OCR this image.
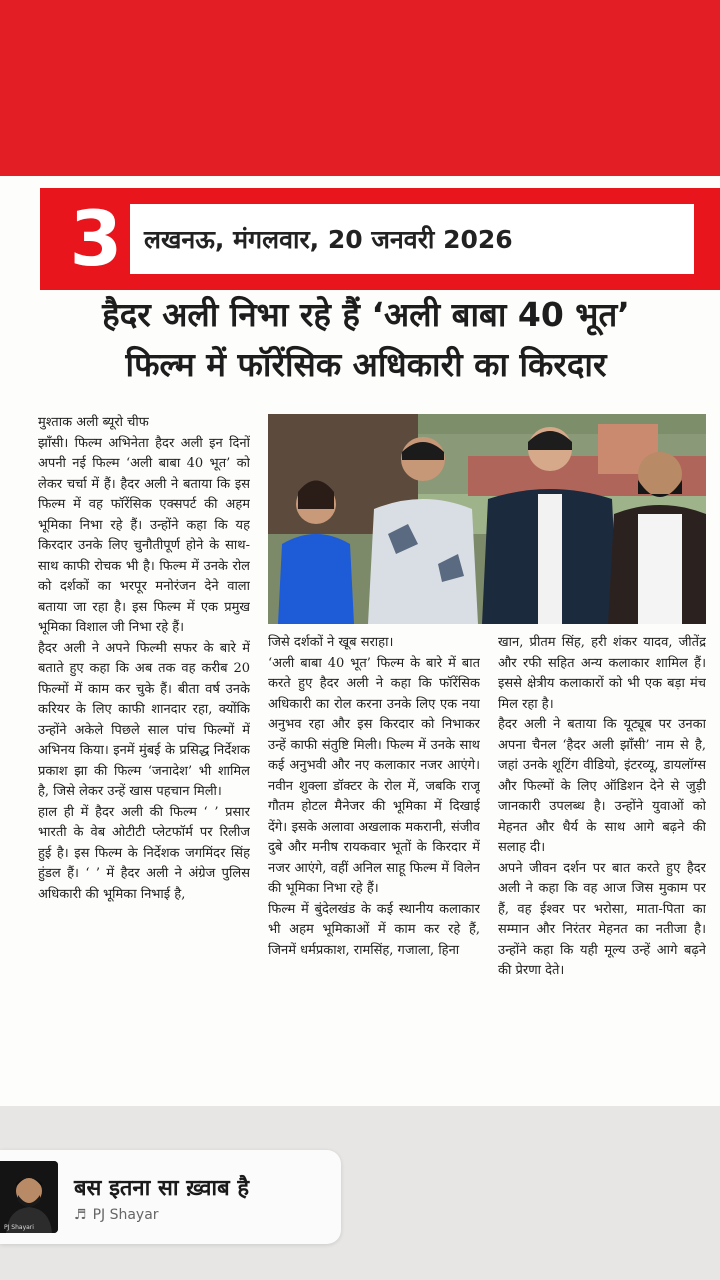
3 लखनऊ, मंगलवार, 20 जनवरी 2026
हैदर अली निभा रहे हैं ‘अली बाबा 40 भूत’
फिल्म में फॉरेंसिक अधिकारी का किरदार
मुश्ताक अली ब्यूरो चीफ
झाँसी। फिल्म अभिनेता हैदर अली इन दिनों अपनी नई फिल्म ‘अली बाबा 40 भूत’ को लेकर चर्चा में हैं। हैदर अली ने बताया कि इस फिल्म में वह फॉरेंसिक एक्सपर्ट की अहम भूमिका निभा रहे हैं। उन्होंने कहा कि यह किरदार उनके लिए चुनौतीपूर्ण होने के साथ-साथ काफी रोचक भी है। फिल्म में उनके रोल को दर्शकों का भरपूर मनोरंजन देने वाला बताया जा रहा है। इस फिल्म में एक प्रमुख भूमिका विशाल जी निभा रहे हैं।
हैदर अली ने अपने फिल्मी सफर के बारे में बताते हुए कहा कि अब तक वह करीब 20 फिल्मों में काम कर चुके हैं। बीता वर्ष उनके करियर के लिए काफी शानदार रहा, क्योंकि उन्होंने अकेले पिछले साल पांच फिल्मों में अभिनय किया। इनमें मुंबई के प्रसिद्ध निर्देशक प्रकाश झा की फिल्म ‘जनादेश’ भी शामिल है, जिसे लेकर उन्हें खास पहचान मिली।
हाल ही में हैदर अली की फिल्म ‘ ’ प्रसार भारती के वेब ओटीटी प्लेटफॉर्म पर रिलीज हुई है। इस फिल्म के निर्देशक जगमिंदर सिंह हुंडल हैं। ‘ ’ में हैदर अली ने अंग्रेज पुलिस अधिकारी की भूमिका निभाई है,
जिसे दर्शकों ने खूब सराहा।
‘अली बाबा 40 भूत’ फिल्म के बारे में बात करते हुए हैदर अली ने कहा कि फॉरेंसिक अधिकारी का रोल करना उनके लिए एक नया अनुभव रहा और इस किरदार को निभाकर उन्हें काफी संतुष्टि मिली। फिल्म में उनके साथ कई अनुभवी और नए कलाकार नजर आएंगे। नवीन शुक्ला डॉक्टर के रोल में, जबकि राजू गौतम होटल मैनेजर की भूमिका में दिखाई देंगे। इसके अलावा अखलाक मकरानी, संजीव दुबे और मनीष रायकवार भूतों के किरदार में नजर आएंगे, वहीं अनिल साहू फिल्म में विलेन की भूमिका निभा रहे हैं।
फिल्म में बुंदेलखंड के कई स्थानीय कलाकार भी अहम भूमिकाओं में काम कर रहे हैं, जिनमें धर्मप्रकाश, रामसिंह, गजाला, हिना
खान, प्रीतम सिंह, हरी शंकर यादव, जीतेंद्र और रफी सहित अन्य कलाकार शामिल हैं। इससे क्षेत्रीय कलाकारों को भी एक बड़ा मंच मिल रहा है।
हैदर अली ने बताया कि यूट्यूब पर उनका अपना चैनल ‘हैदर अली झाँसी’ नाम से है, जहां उनके शूटिंग वीडियो, इंटरव्यू, डायलॉग्स और फिल्मों के लिए ऑडिशन देने से जुड़ी जानकारी उपलब्ध है। उन्होंने युवाओं को मेहनत और धैर्य के साथ आगे बढ़ने की सलाह दी।
अपने जीवन दर्शन पर बात करते हुए हैदर अली ने कहा कि वह आज जिस मुकाम पर हैं, वह ईश्वर पर भरोसा, माता-पिता का सम्मान और निरंतर मेहनत का नतीजा है। उन्होंने कहा कि यही मूल्य उन्हें आगे बढ़ने की प्रेरणा देते।
PJ Shayari
बस इतना सा ख़्वाब है
♬ PJ Shayar
